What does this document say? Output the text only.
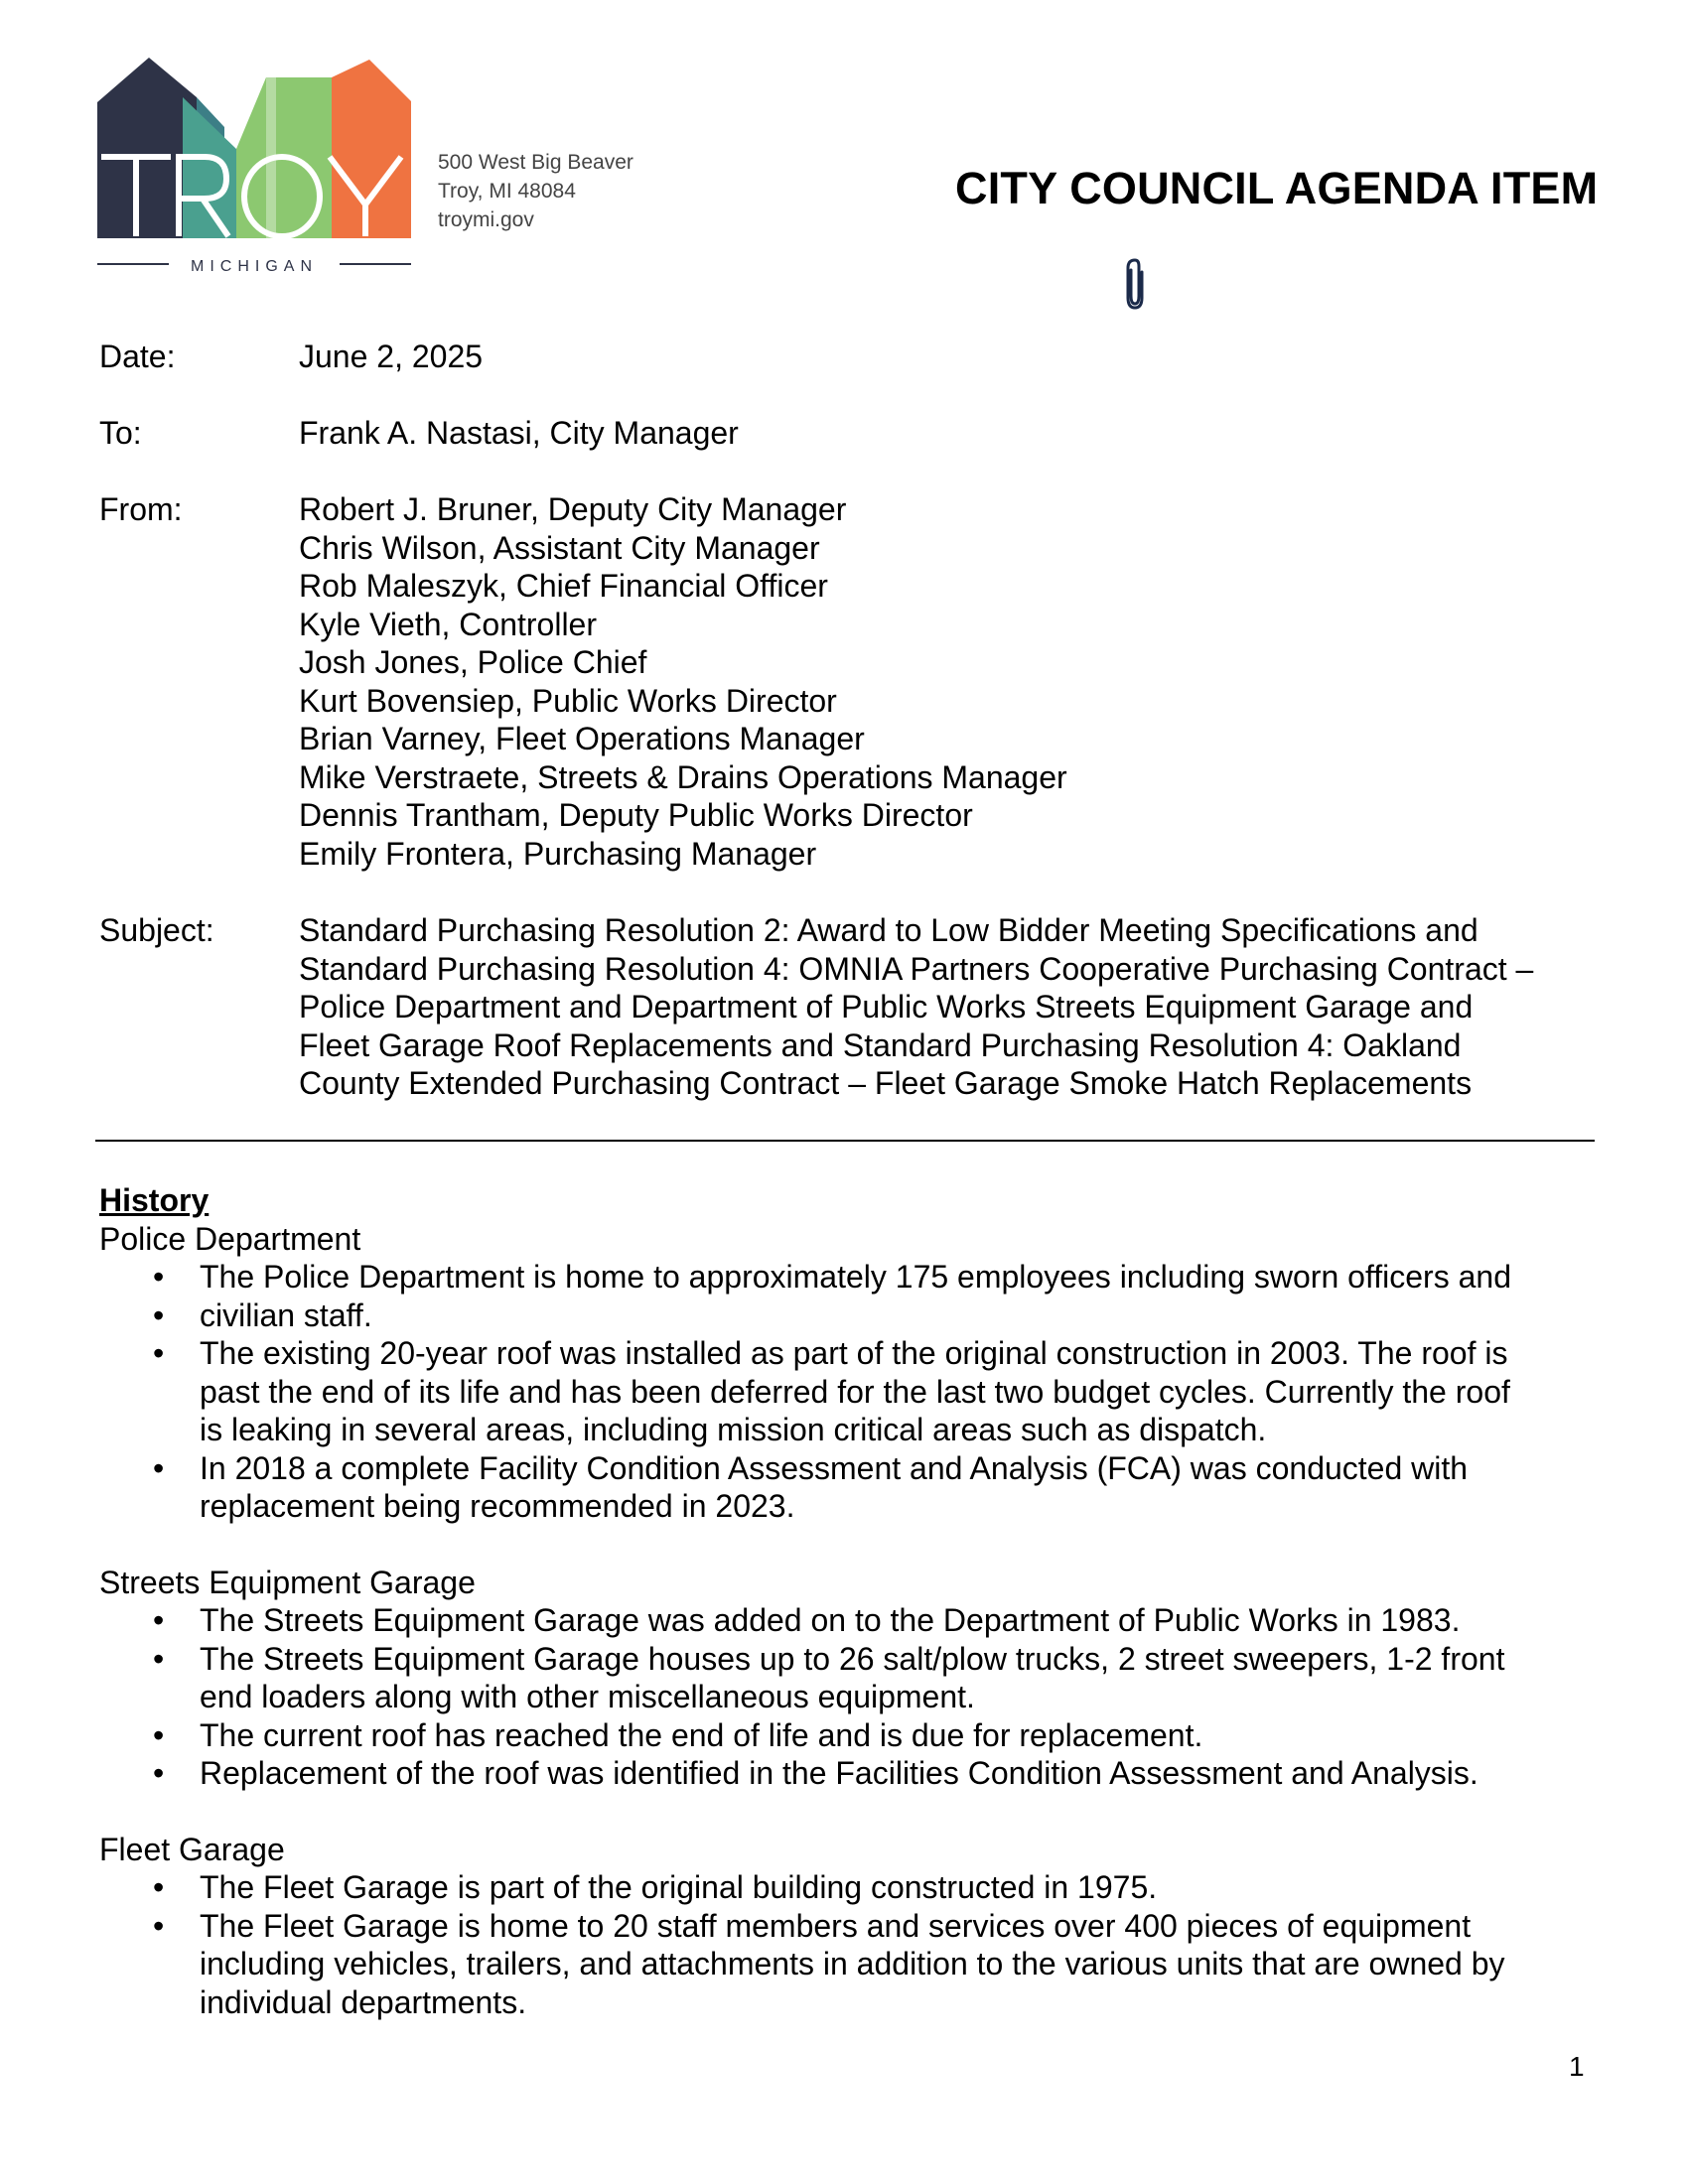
MICHIGAN
500 West Big Beaver
Troy, MI 48084
troymi.gov
CITY COUNCIL AGENDA ITEM
Date:	June 2, 2025
To:	Frank A. Nastasi, City Manager
From:	Robert J. Bruner, Deputy City Manager
Chris Wilson, Assistant City Manager
Rob Maleszyk, Chief Financial Officer
Kyle Vieth, Controller
Josh Jones, Police Chief
Kurt Bovensiep, Public Works Director
Brian Varney, Fleet Operations Manager
Mike Verstraete, Streets & Drains Operations Manager
Dennis Trantham, Deputy Public Works Director
Emily Frontera, Purchasing Manager
Subject:	Standard Purchasing Resolution 2: Award to Low Bidder Meeting Specifications and
Standard Purchasing Resolution 4: OMNIA Partners Cooperative Purchasing Contract –
Police Department and Department of Public Works Streets Equipment Garage and
Fleet Garage Roof Replacements and Standard Purchasing Resolution 4: Oakland
County Extended Purchasing Contract – Fleet Garage Smoke Hatch Replacements
History
Police Department
• The Police Department is home to approximately 175 employees including sworn officers and
• civilian staff.
• The existing 20-year roof was installed as part of the original construction in 2003. The roof is
past the end of its life and has been deferred for the last two budget cycles. Currently the roof
is leaking in several areas, including mission critical areas such as dispatch.
• In 2018 a complete Facility Condition Assessment and Analysis (FCA) was conducted with
replacement being recommended in 2023.
Streets Equipment Garage
• The Streets Equipment Garage was added on to the Department of Public Works in 1983.
• The Streets Equipment Garage houses up to 26 salt/plow trucks, 2 street sweepers, 1-2 front
end loaders along with other miscellaneous equipment.
• The current roof has reached the end of life and is due for replacement.
• Replacement of the roof was identified in the Facilities Condition Assessment and Analysis.
Fleet Garage
• The Fleet Garage is part of the original building constructed in 1975.
• The Fleet Garage is home to 20 staff members and services over 400 pieces of equipment
including vehicles, trailers, and attachments in addition to the various units that are owned by
individual departments.
1
